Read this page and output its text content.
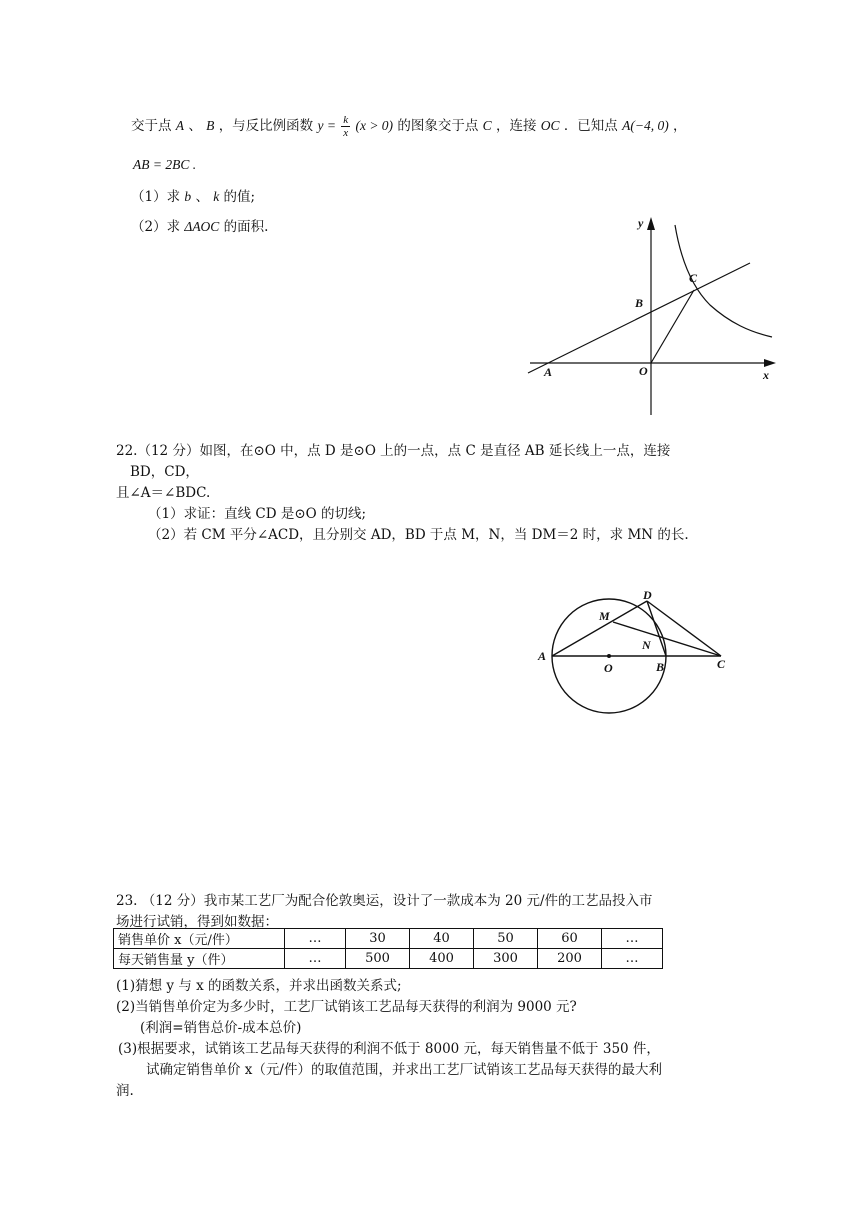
交于点 A 、 B ，与反比例函数 $y = \frac{k}{x} (x > 0)$ 的图象交于点 C ，连接 OC ．已知点 A(−4, 0) ，
AB = 2BC .
（1）求 b 、 k 的值;
（2）求 ΔAOC 的面积.	y
x
A
B
C
O
22.（12 分）如图，在⊙O 中，点 D 是⊙O 上的一点，点 C 是直径 AB 延长线上一点，连接
BD，CD，
且∠A＝∠BDC.
（1）求证：直线 CD 是⊙O 的切线;
（2）若 CM 平分∠ACD，且分别交 AD，BD 于点 M，N，当 DM＝2 时，求 MN 的长.
A
O	B	C
D
M
N
23. （12 分）我市某工艺厂为配合伦敦奥运，设计了一款成本为 20 元/件的工艺品投入市
场进行试销，得到如数据：
销售单价 x（元/件）	…	30	40	50	60	…
每天销售量 y（件）	…	500	400	300	200	…
(1)猜想 y 与 x 的函数关系，并求出函数关系式;
(2)当销售单价定为多少时，工艺厂试销该工艺品每天获得的利润为 9000 元?
(利润=销售总价-成本总价)
(3)根据要求，试销该工艺品每天获得的利润不低于 8000 元，每天销售量不低于 350 件，
试确定销售单价 x（元/件）的取值范围，并求出工艺厂试销该工艺品每天获得的最大利
润.
